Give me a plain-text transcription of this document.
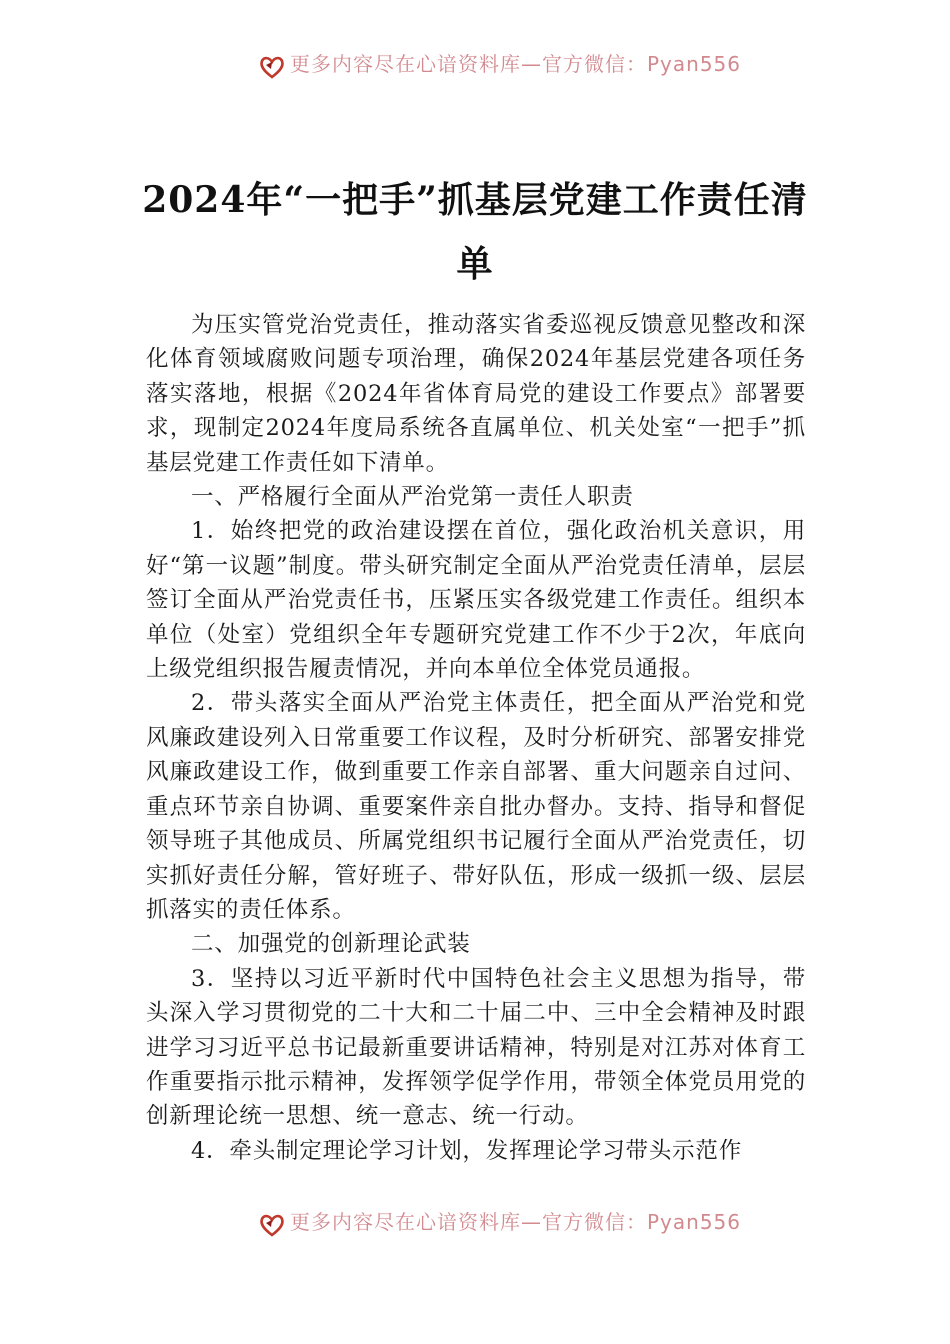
更多内容尽在心谙资料库—官方微信：Pyan556
2024年“一把手”抓基层党建工作责任清
单

为压实管党治党责任，推动落实省委巡视反馈意见整改和深化体育领域腐败问题专项治理，确保2024年基层党建各项任务落实落地，根据《2024年省体育局党的建设工作要点》部署要求，现制定2024年度局系统各直属单位、机关处室“一把手”抓基层党建工作责任如下清单。

一、严格履行全面从严治党第一责任人职责

1．始终把党的政治建设摆在首位，强化政治机关意识，用好“第一议题”制度。带头研究制定全面从严治党责任清单，层层签订全面从严治党责任书，压紧压实各级党建工作责任。组织本单位（处室）党组织全年专题研究党建工作不少于2次，年底向上级党组织报告履责情况，并向本单位全体党员通报。

2．带头落实全面从严治党主体责任，把全面从严治党和党风廉政建设列入日常重要工作议程，及时分析研究、部署安排党风廉政建设工作，做到重要工作亲自部署、重大问题亲自过问、重点环节亲自协调、重要案件亲自批办督办。支持、指导和督促领导班子其他成员、所属党组织书记履行全面从严治党责任，切实抓好责任分解，管好班子、带好队伍，形成一级抓一级、层层抓落实的责任体系。

二、加强党的创新理论武装

3．坚持以习近平新时代中国特色社会主义思想为指导，带头深入学习贯彻党的二十大和二十届二中、三中全会精神及时跟进学习习近平总书记最新重要讲话精神，特别是对江苏对体育工作重要指示批示精神，发挥领学促学作用，带领全体党员用党的创新理论统一思想、统一意志、统一行动。

4．牵头制定理论学习计划，发挥理论学习带头示范作

更多内容尽在心谙资料库—官方微信：Pyan556
